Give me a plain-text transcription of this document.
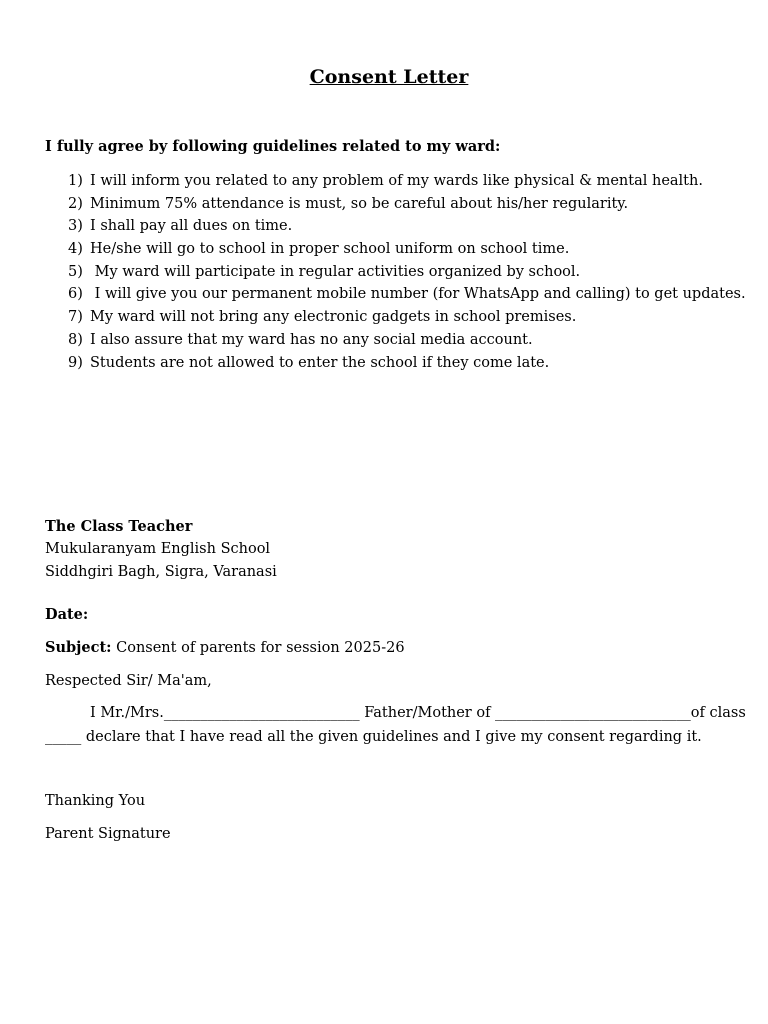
Consent Letter
I fully agree by following guidelines related to my ward:
1) I will inform you related to any problem of my wards like physical & mental health.
2) Minimum 75% attendance is must, so be careful about his/her regularity.
3) I shall pay all dues on time.
4) He/she will go to school in proper school uniform on school time.
5) My ward will participate in regular activities organized by school.
6) I will give you our permanent mobile number (for WhatsApp and calling) to get updates.
7) My ward will not bring any electronic gadgets in school premises.
8) I also assure that my ward has no any social media account.
9) Students are not allowed to enter the school if they come late.
The Class Teacher
Mukularanyam English School
Siddhgiri Bagh, Sigra, Varanasi
Date:
Subject: Consent of parents for session 2025-26
Respected Sir/ Ma'am,
I Mr./Mrs.___________________________ Father/Mother of ___________________________of class
_____ declare that I have read all the given guidelines and I give my consent regarding it.
Thanking You
Parent Signature
